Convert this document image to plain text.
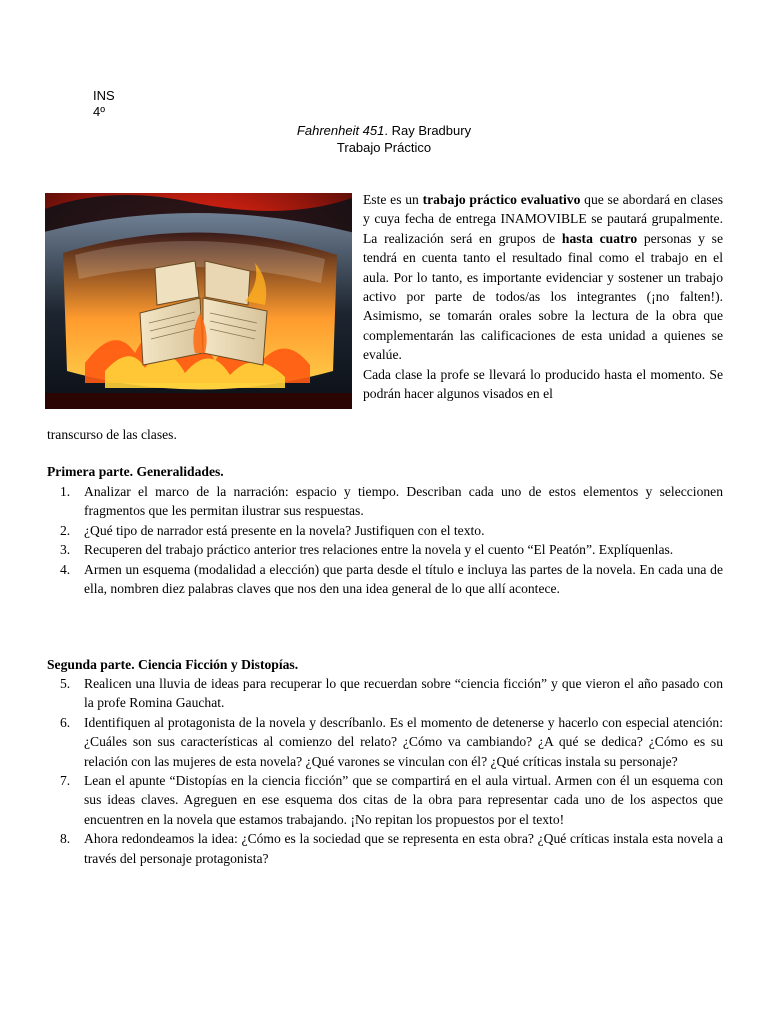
INS
4º
Fahrenheit 451. Ray Bradbury
Trabajo Práctico

Este es un trabajo práctico evaluativo que se abordará en clases y cuya fecha de entrega INAMOVIBLE se pautará grupalmente. La realización será en grupos de hasta cuatro personas y se tendrá en cuenta tanto el resultado final como el trabajo en el aula. Por lo tanto, es importante evidenciar y sostener un trabajo activo por parte de todos/as los integrantes (¡no falten!). Asimismo, se tomarán orales sobre la lectura de la obra que complementarán las calificaciones de esta unidad a quienes se evalúe.

Cada clase la profe se llevará lo producido hasta el momento. Se podrán hacer algunos visados en el

transcurso de las clases.
Primera parte. Generalidades.
1. Analizar el marco de la narración: espacio y tiempo. Describan cada uno de estos elementos y seleccionen fragmentos que les permitan ilustrar sus respuestas.
2. ¿Qué tipo de narrador está presente en la novela? Justifiquen con el texto.
3. Recuperen del trabajo práctico anterior tres relaciones entre la novela y el cuento “El Peatón”. Explíquenlas.
4. Armen un esquema (modalidad a elección) que parta desde el título e incluya las partes de la novela. En cada una de ella, nombren diez palabras claves que nos den una idea general de lo que allí acontece.
Segunda parte. Ciencia Ficción y Distopías.
5. Realicen una lluvia de ideas para recuperar lo que recuerdan sobre “ciencia ficción” y que vieron el año pasado con la profe Romina Gauchat.
6. Identifiquen al protagonista de la novela y descríbanlo. Es el momento de detenerse y hacerlo con especial atención: ¿Cuáles son sus características al comienzo del relato? ¿Cómo va cambiando? ¿A qué se dedica? ¿Cómo es su relación con las mujeres de esta novela? ¿Qué varones se vinculan con él? ¿Qué críticas instala su personaje?
7. Lean el apunte “Distopías en la ciencia ficción” que se compartirá en el aula virtual. Armen con él un esquema con sus ideas claves. Agreguen en ese esquema dos citas de la obra para representar cada uno de los aspectos que encuentren en la novela que estamos trabajando. ¡No repitan los propuestos por el texto!
8. Ahora redondeamos la idea: ¿Cómo es la sociedad que se representa en esta obra? ¿Qué críticas instala esta novela a través del personaje protagonista?
